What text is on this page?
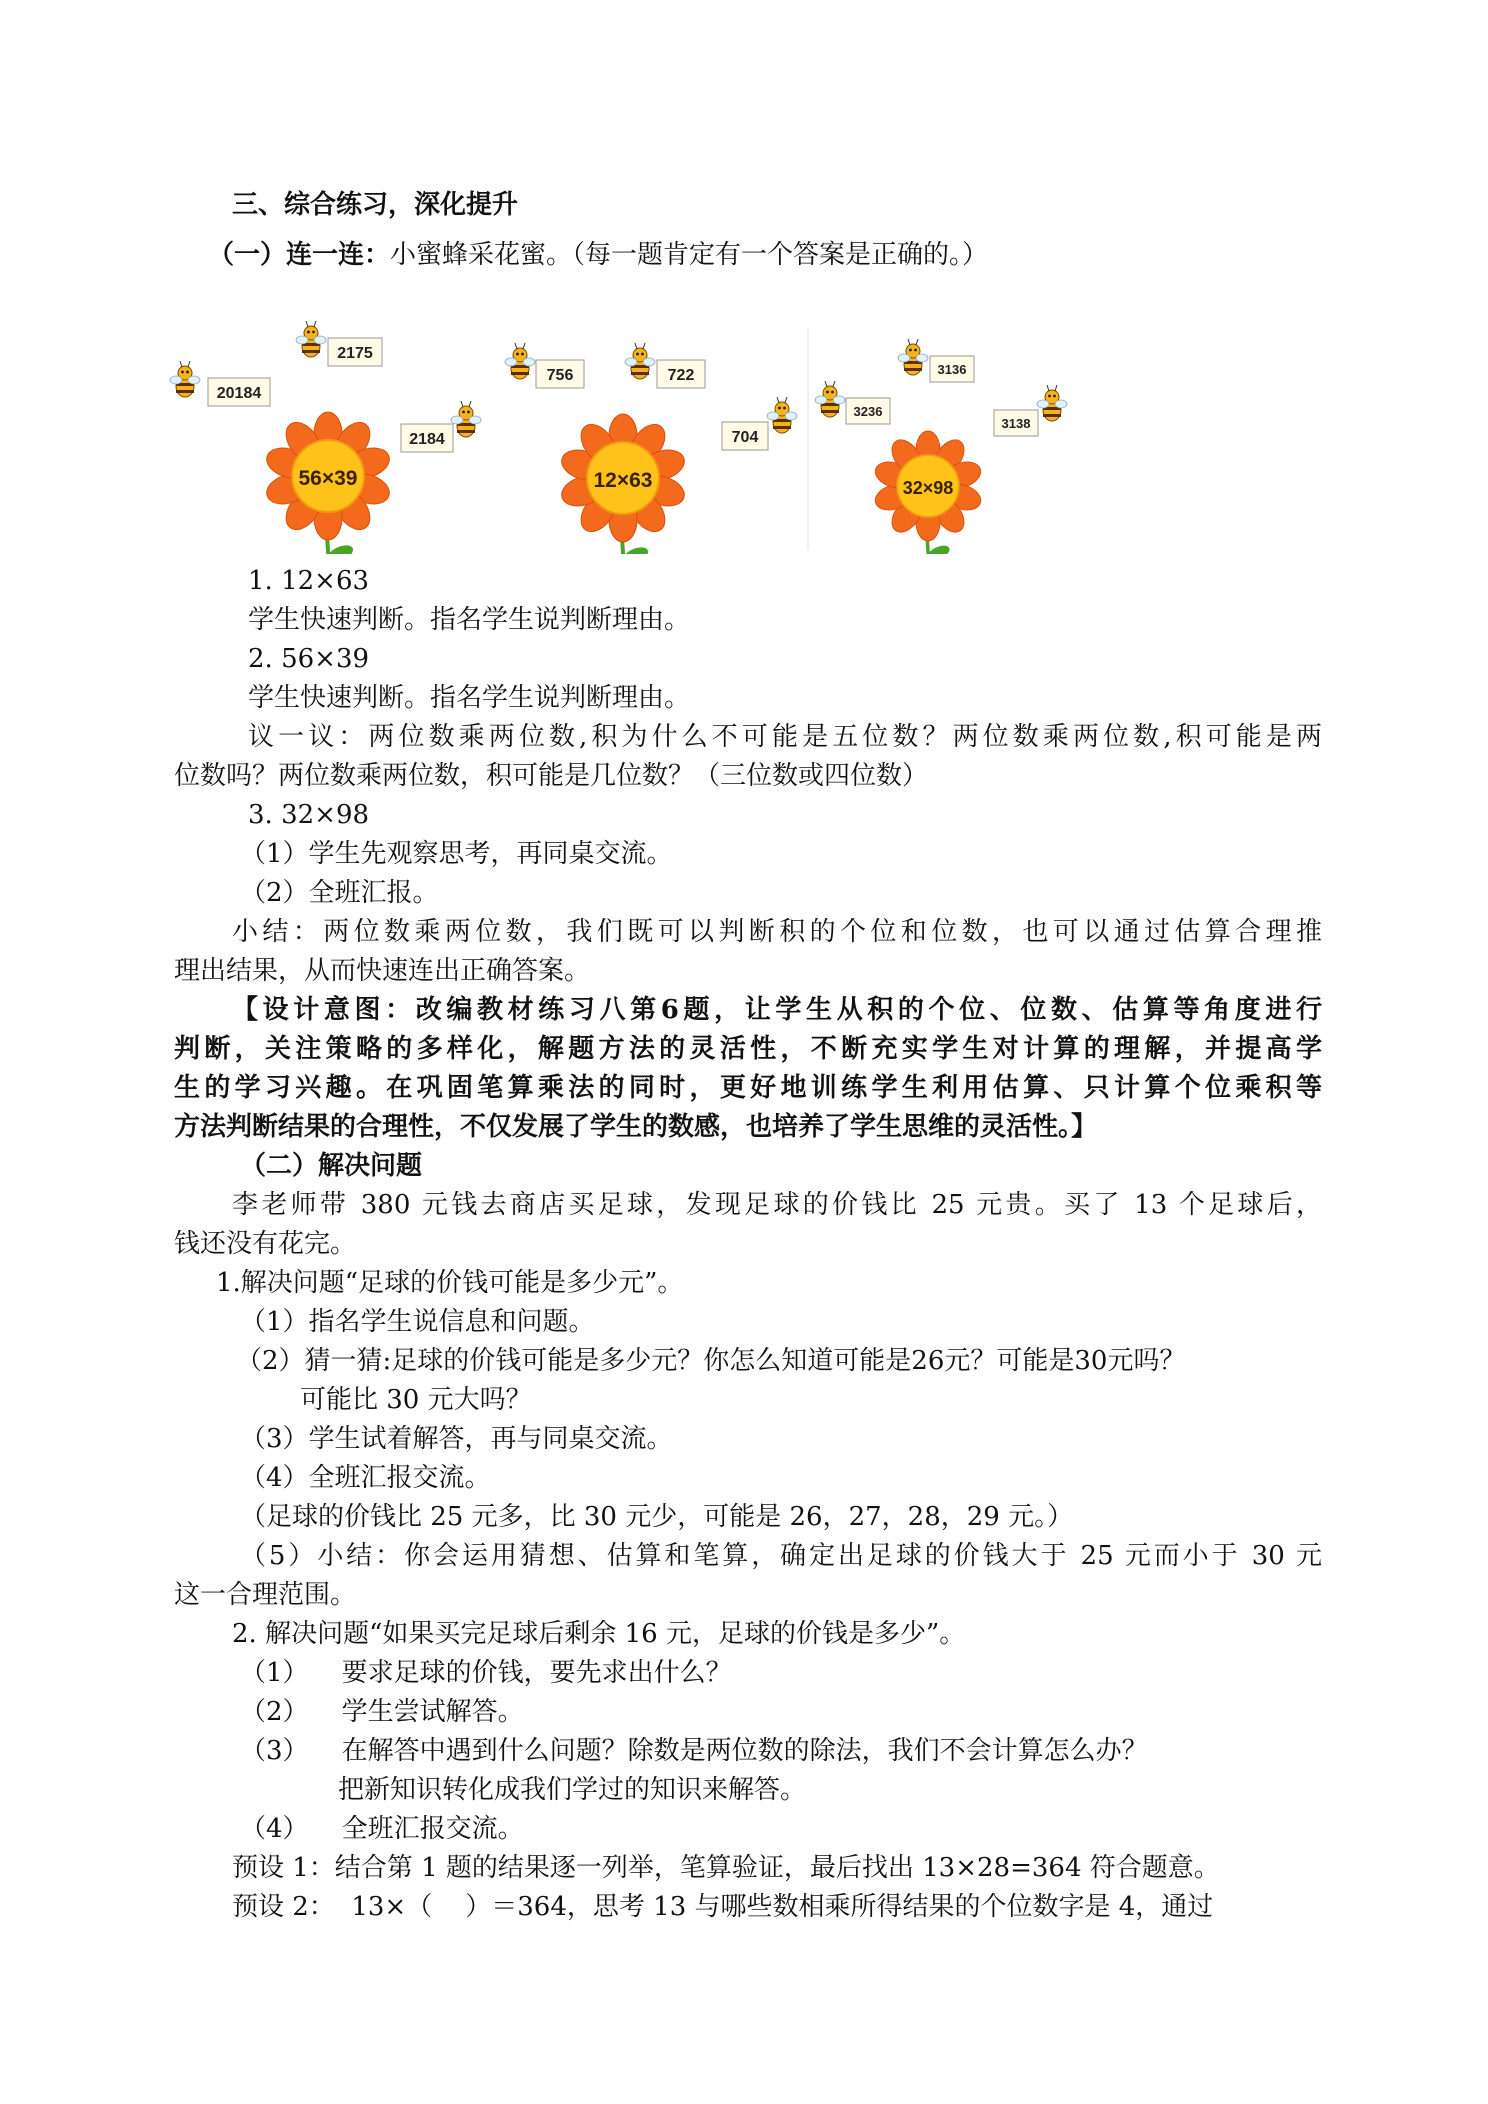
三、综合练习，深化提升
（一）连一连：小蜜蜂采花蜜。（每一题肯定有一个答案是正确的。）
56×39
20184
2175
2184
12×63
756	722
704
32×98
3136
3236
3138
1. 12×63
学生快速判断。指名学生说判断理由。
2. 56×39
学生快速判断。指名学生说判断理由。
议一议：两位数乘两位数,积为什么不可能是五位数？两位数乘两位数,积可能是两
位数吗？两位数乘两位数，积可能是几位数？（三位数或四位数）
3. 32×98
（1）学生先观察思考，再同桌交流。
（2）全班汇报。
小结：两位数乘两位数，我们既可以判断积的个位和位数，也可以通过估算合理推
理出结果，从而快速连出正确答案。
【设计意图：改编教材练习八第6题，让学生从积的个位、位数、估算等角度进行
判断，关注策略的多样化，解题方法的灵活性，不断充实学生对计算的理解，并提高学
生的学习兴趣。在巩固笔算乘法的同时，更好地训练学生利用估算、只计算个位乘积等
方法判断结果的合理性，不仅发展了学生的数感，也培养了学生思维的灵活性。】
（二）解决问题
李老师带 380 元钱去商店买足球，发现足球的价钱比 25 元贵。买了 13 个足球后，
钱还没有花完。
1.解决问题“足球的价钱可能是多少元”。
（1）指名学生说信息和问题。
（2）猜一猜:足球的价钱可能是多少元？你怎么知道可能是26元？可能是30元吗？
可能比 30 元大吗？
（3）学生试着解答，再与同桌交流。
（4）全班汇报交流。
（足球的价钱比 25 元多，比 30 元少，可能是 26，27，28，29 元。）
（5）小结：你会运用猜想、估算和笔算，确定出足球的价钱大于 25 元而小于 30 元
这一合理范围。
2. 解决问题“如果买完足球后剩余 16 元，足球的价钱是多少”。
（1）    要求足球的价钱，要先求出什么？
（2）    学生尝试解答。
（3）    在解答中遇到什么问题？除数是两位数的除法，我们不会计算怎么办？
把新知识转化成我们学过的知识来解答。
（4）    全班汇报交流。
预设 1：结合第 1 题的结果逐一列举，笔算验证，最后找出 13×28=364 符合题意。
预设 2：  13×（    ）＝364，思考 13 与哪些数相乘所得结果的个位数字是 4，通过
